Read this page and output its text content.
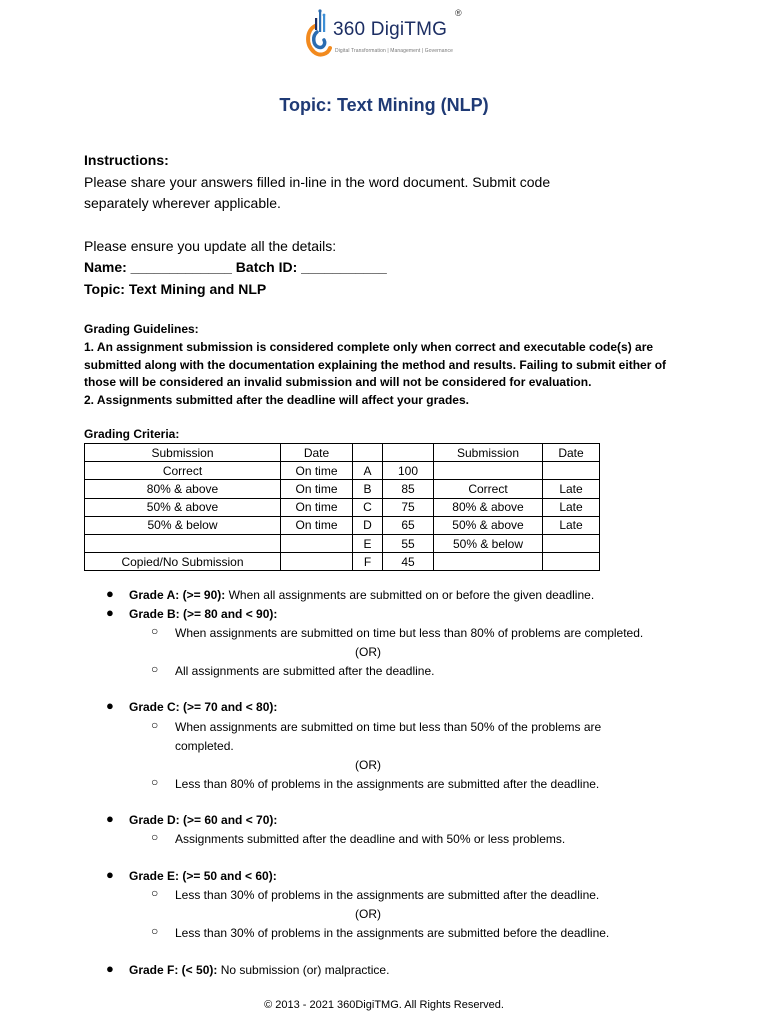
360 DigiTMG
®
Digital Transformation | Management | Governance
Topic: Text Mining (NLP)
Instructions:
Please share your answers filled in-line in the word document. Submit code
separately wherever applicable.
Please ensure you update all the details:
Name: _____________ Batch ID: ___________
Topic: Text Mining and NLP
Grading Guidelines:
1. An assignment submission is considered complete only when correct and executable code(s) are
submitted along with the documentation explaining the method and results. Failing to submit either of
those will be considered an invalid submission and will not be considered for evaluation.
2. Assignments submitted after the deadline will affect your grades.
Grading Criteria:
Submission	Date			Submission	Date
Correct	On time	A	100		
80% & above	On time	B	85	Correct	Late
50% & above	On time	C	75	80% & above	Late
50% & below	On time	D	65	50% & above	Late
		E	55	50% & below	
Copied/No Submission		F	45		
● Grade A: (>= 90): When all assignments are submitted on or before the given deadline.
● Grade B: (>= 80 and < 90):
○ When assignments are submitted on time but less than 80% of problems are completed.
(OR)
○ All assignments are submitted after the deadline.
● Grade C: (>= 70 and < 80):
○ When assignments are submitted on time but less than 50% of the problems are
completed.
(OR)
○ Less than 80% of problems in the assignments are submitted after the deadline.
● Grade D: (>= 60 and < 70):
○ Assignments submitted after the deadline and with 50% or less problems.
● Grade E: (>= 50 and < 60):
○ Less than 30% of problems in the assignments are submitted after the deadline.
(OR)
○ Less than 30% of problems in the assignments are submitted before the deadline.
● Grade F: (< 50): No submission (or) malpractice.
© 2013 - 2021 360DigiTMG. All Rights Reserved.
